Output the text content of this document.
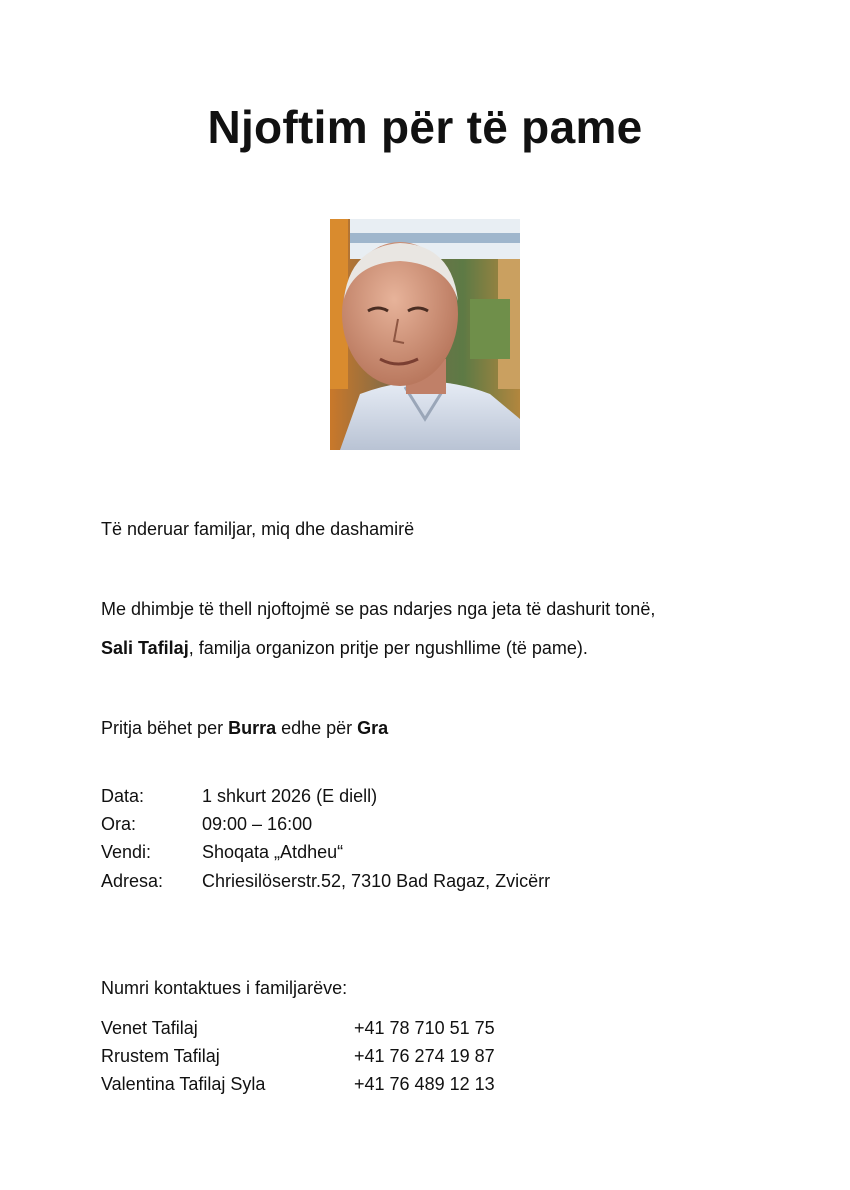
Njoftim për të pame
Të nderuar familjar, miq dhe dashamirë
Me dhimbje të thell njoftojmë se pas ndarjes nga jeta të dashurit tonë,
Sali Tafilaj, familja organizon pritje per ngushllime (të pame).
Pritja bëhet per Burra edhe për Gra
Data:	1 shkurt 2026 (E diell)
Ora:	09:00 – 16:00
Vendi:	Shoqata „Atdheu“
Adresa: Chriesilöserstr.52, 7310 Bad Ragaz, Zvicërr
Numri kontaktues i familjarëve:
Venet Tafilaj	+41 78 710 51 75
Rrustem Tafilaj	+41 76 274 19 87
Valentina Tafilaj Syla	+41 76 489 12 13
